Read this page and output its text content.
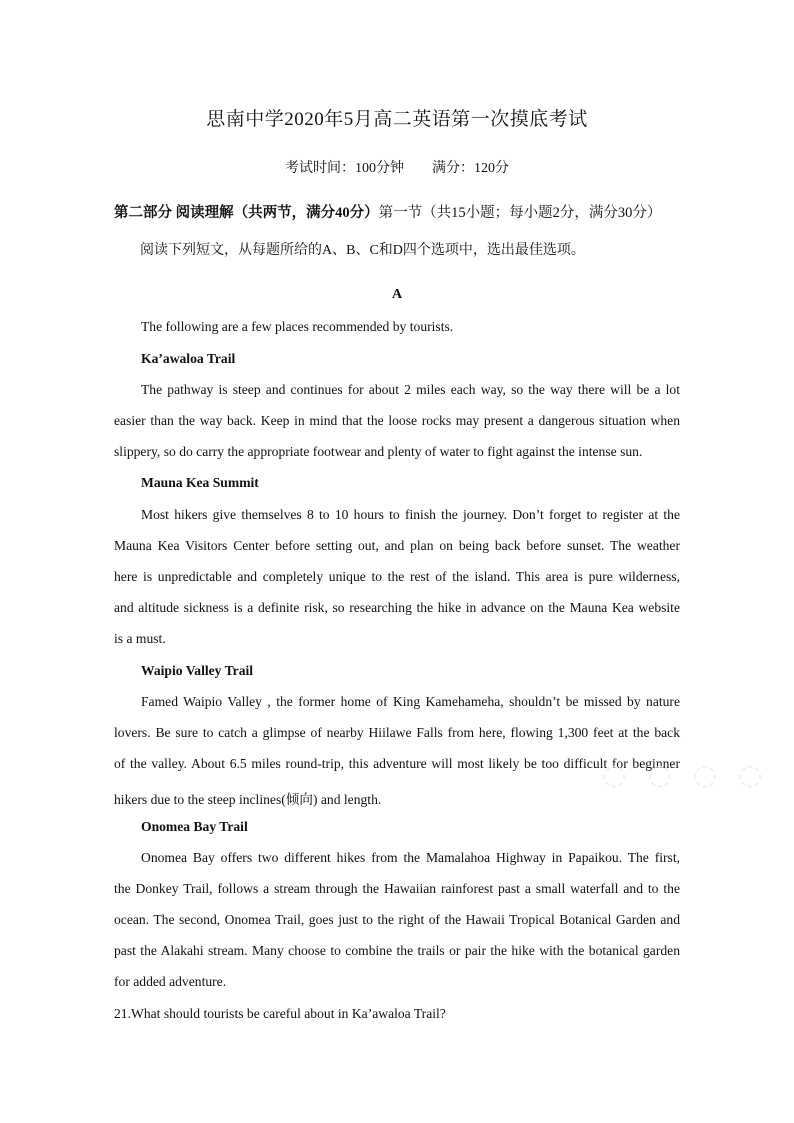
思南中学2020年5月高二英语第一次摸底考试
考试时间：100分钟 满分：120分
第二部分 阅读理解（共两节，满分40分）第一节（共15小题；每小题2分，满分30分）
阅读下列短文，从每题所给的A、B、C和D四个选项中，选出最佳选项。
A
The following are a few places recommended by tourists.
Ka’awaloa Trail
The pathway is steep and continues for about 2 miles each way, so the way there will be a lot
easier than the way back. Keep in mind that the loose rocks may present a dangerous situation when
slippery, so do carry the appropriate footwear and plenty of water to fight against the intense sun.
Mauna Kea Summit
Most hikers give themselves 8 to 10 hours to finish the journey. Don’t forget to register at the
Mauna Kea Visitors Center before setting out, and plan on being back before sunset. The weather
here is unpredictable and completely unique to the rest of the island. This area is pure wilderness,
and altitude sickness is a definite risk, so researching the hike in advance on the Mauna Kea website
is a must.
Waipio Valley Trail
Famed Waipio Valley , the former home of King Kamehameha, shouldn’t be missed by nature
lovers. Be sure to catch a glimpse of nearby Hiilawe Falls from here, flowing 1,300 feet at the back
of the valley. About 6.5 miles round-trip, this adventure will most likely be too difficult for beginner
hikers due to the steep inclines(倾向) and length.
Onomea Bay Trail
Onomea Bay offers two different hikes from the Mamalahoa Highway in Papaikou. The first,
the Donkey Trail, follows a stream through the Hawaiian rainforest past a small waterfall and to the
ocean. The second, Onomea Trail, goes just to the right of the Hawaii Tropical Botanical Garden and
past the Alakahi stream. Many choose to combine the trails or pair the hike with the botanical garden
for added adventure.
21.What should tourists be careful about in Ka’awaloa Trail?
◌ ◌ ◌ ◌
